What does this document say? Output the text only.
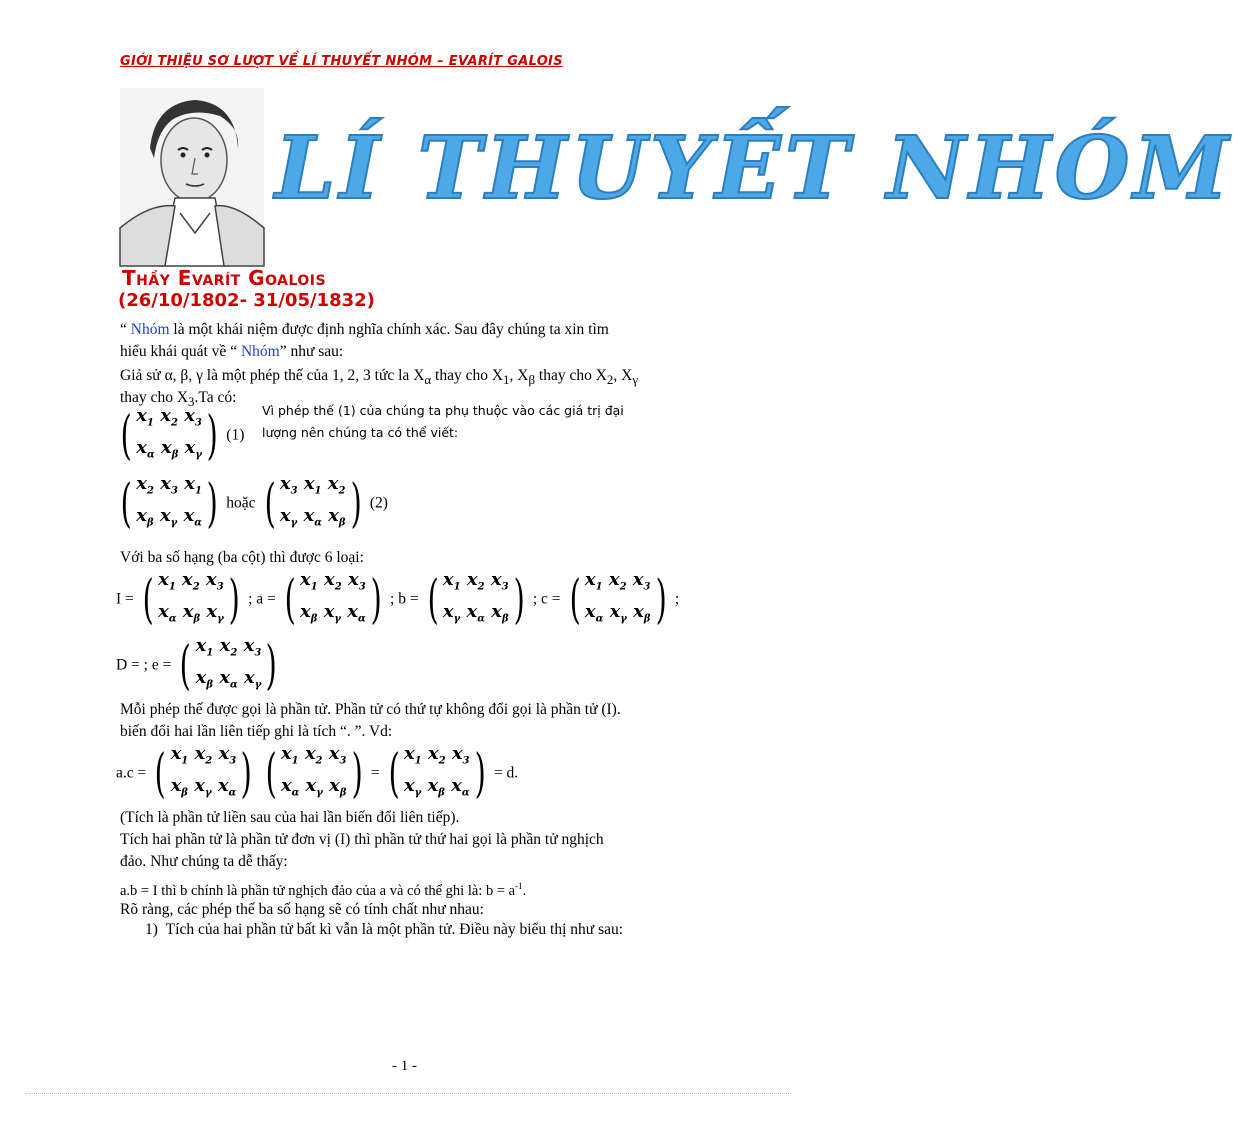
GIỚI THIỆU SƠ LƯỢT VỀ LÍ THUYẾT NHÓM – EVARÍT GALOIS
LÍ THUYẾT NHÓM
Thầy Evarít Goalois
(26/10/1802- 31/05/1832)
“ Nhóm là một khái niệm được định nghĩa chính xác. Sau đây chúng ta xin tìm
hiểu khái quát về “ Nhóm” như sau:
Giả sử α, β, γ là một phép thế của 1, 2, 3 tức la $X_\alpha$ thay cho $X_1$, $X_\beta$ thay cho $X_2$, $X_\gamma$
thay cho $X_3.Ta$ có:
( $x_1$ $x_2$ $x_3$
$x_\alpha$ $x_\beta$ $x_\gamma$ ) (1)
Vì phép thế (1) của chúng ta phụ thuộc vào các giá trị đại
lượng nên chúng ta có thể viết:
( $x_2$ $x_3$ $x_1$
$x_\beta$ $x_\gamma$ $x_\alpha$ ) hoặc ( $x_3$ $x_1$ $x_2$
$x_\gamma$ $x_\alpha$ $x_\beta$ ) (2)
Với ba số hạng (ba cột) thì được 6 loại:
I = ( $x_1$ $x_2$ $x_3$
$x_\alpha$ $x_\beta$ $x_\gamma$ ) ; a = ( $x_1$ $x_2$ $x_3$
$x_\beta$ $x_\gamma$ $x_\alpha$ ) ; b = ( $x_1$ $x_2$ $x_3$
$x_\gamma$ $x_\alpha$ $x_\beta$ ) ; c = ( $x_1$ $x_2$ $x_3$
$x_\alpha$ $x_\gamma$ $x_\beta$ ) ;
D = ; e = ( $x_1$ $x_2$ $x_3$
$x_\beta$ $x_\alpha$ $x_\gamma$ )
Mỗi phép thế được gọi là phần tử. Phần tử có thứ tự không đổi gọi là phần tử (I).
biến đổi hai lần liên tiếp ghi là tích “. ”. Vd:
a.c = ( $x_1$ $x_2$ $x_3$
$x_\beta$ $x_\gamma$ $x_\alpha$ )
( $x_1$ $x_2$ $x_3$
$x_\alpha$ $x_\gamma$ $x_\beta$ ) = ( $x_1$ $x_2$ $x_3$
$x_\gamma$ $x_\beta$ $x_\alpha$ ) = d.
(Tích là phần tử liền sau của hai lần biến đổi liên tiếp).
Tích hai phần tử là phần tử đơn vị (I) thì phần tử thứ hai gọi là phần tử nghịch
đảo. Như chúng ta dễ thấy:
a.b = I thì b chính là phần tử nghịch đảo của a và có thể ghi là: $b = a^{-1}$.
Rõ ràng, các phép thế ba số hạng sẽ có tính chất như nhau:
1) Tích của hai phần tử bất kì vẫn là một phần tử. Điều này biểu thị như sau:
- 1 -
